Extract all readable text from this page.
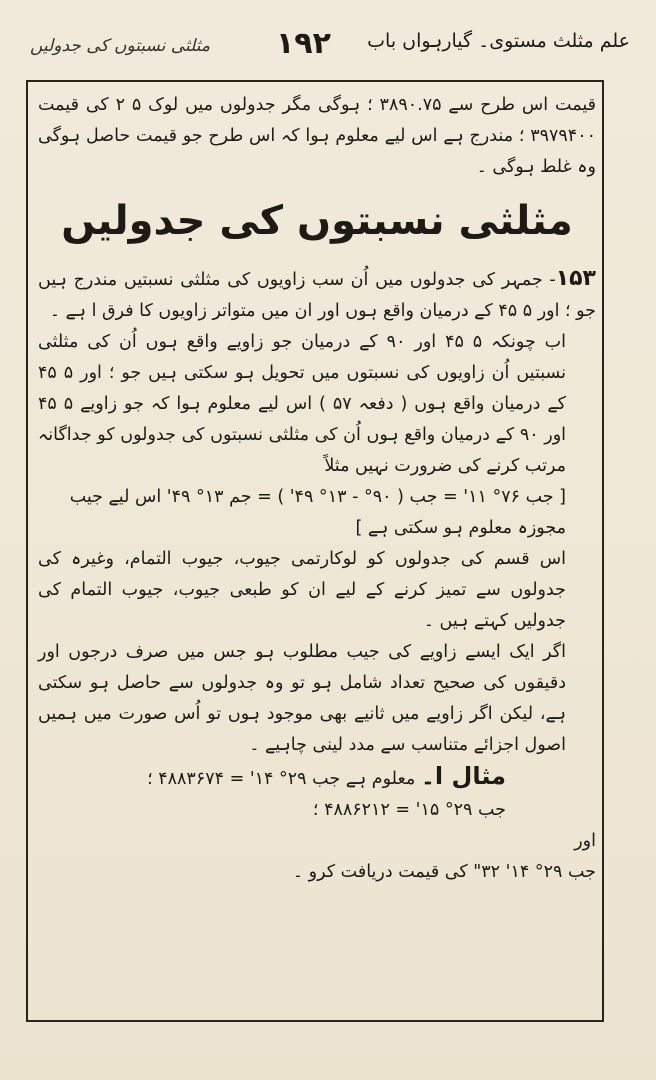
علم مثلث مستوی۔ گیارہواں باب
۱۹۲
مثلثی نسبتوں کی جدولیں

قیمت اس طرح سے ۳۸۹۰.۷۵ ؛ ہوگی مگر جدولوں میں لوک ۵ ۲ کی قیمت ۳۹۷۹۴۰۰ ؛ مندرج ہے اس لیے معلوم ہوا کہ اس طرح جو قیمت حاصل ہوگی وہ غلط ہوگی ۔

مثلثی نسبتوں کی جدولیں

۱۵۳- جمہر کی جدولوں میں اُن سب زاویوں کی مثلثی نسبتیں مندرج ہیں جو ؛ اور ۵ ۴۵ کے درمیان واقع ہوں اور ان میں متواتر زاویوں کا فرق ا ہے ۔

اب چونکہ ۵ ۴۵ اور ۹۰ کے درمیان جو زاویے واقع ہوں اُن کی مثلثی نسبتیں اُن زاویوں کی نسبتوں میں تحویل ہو سکتی ہیں جو ؛ اور ۵ ۴۵ کے درمیان واقع ہوں ( دفعہ ۵۷ ) اس لیے معلوم ہوا کہ جو زاویے ۵ ۴۵ اور ۹۰ کے درمیان واقع ہوں اُن کی مثلثی نسبتوں کی جدولوں کو جداگانہ مرتب کرنے کی ضرورت نہیں مثلاً

[ جب ۷۶° ۱۱' = جب ( ۹۰° - ۱۳° ۴۹' ) = جم ۱۳° ۴۹' اس لیے جیب مجوزہ معلوم ہو سکتی ہے ]

اس قسم کی جدولوں کو لوکارتمی جیوب، جیوب التمام، وغیرہ کی جدولوں سے تمیز کرنے کے لیے ان کو طبعی جیوب، جیوب التمام کی جدولیں کہتے ہیں ۔

اگر ایک ایسے زاویے کی جیب مطلوب ہو جس میں صرف درجوں اور دقیقوں کی صحیح تعداد شامل ہو تو وہ جدولوں سے حاصل ہو سکتی ہے، لیکن اگر زاویے میں ثانیے بھی موجود ہوں تو اُس صورت میں ہمیں اصول اجزائے متناسب سے مدد لینی چاہیے ۔

مثال ا۔ معلوم ہے جب ۲۹° ۱۴' = ۴۸۸۳۶۷۴ ؛

جب ۲۹° ۱۵' = ۴۸۸۶۲۱۲ ؛

اور

جب ۲۹° ۱۴' ۳۲" کی قیمت دریافت کرو ۔
